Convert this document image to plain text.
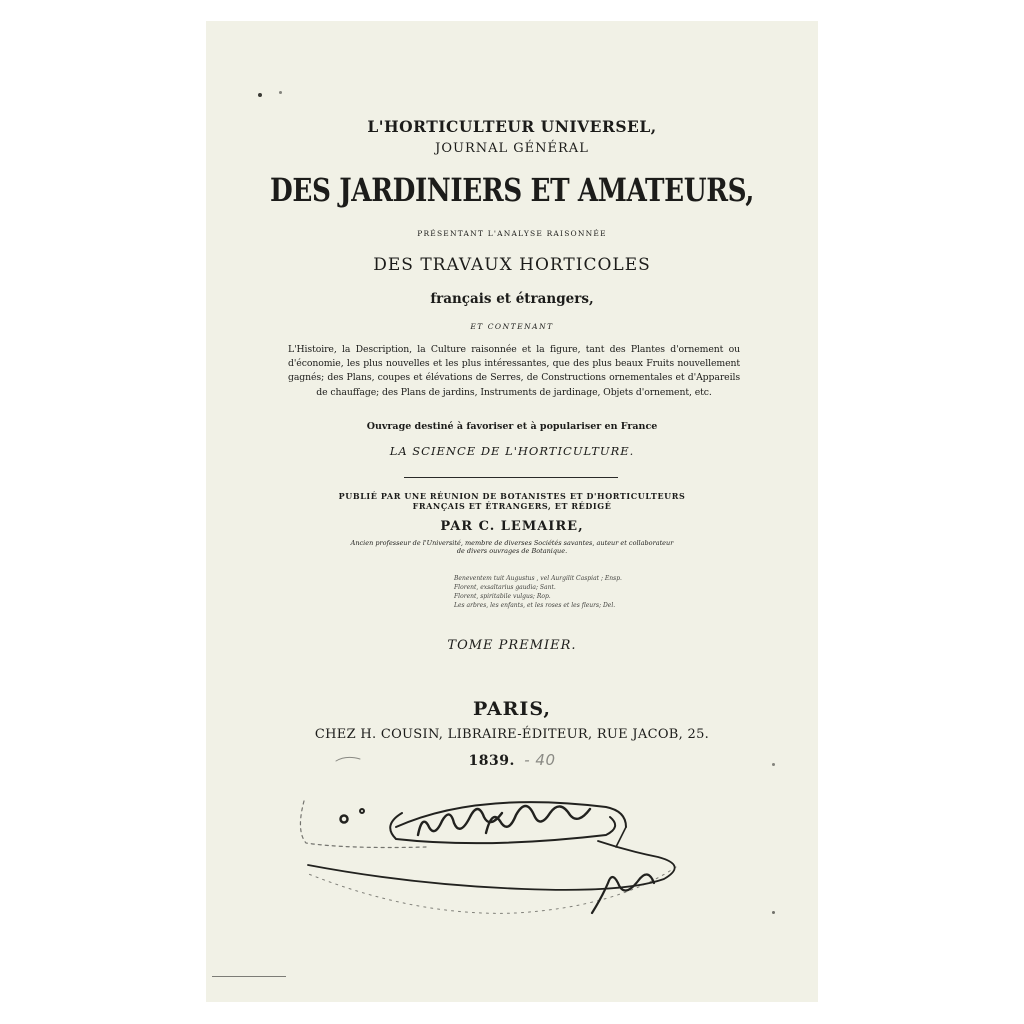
L'HORTICULTEUR UNIVERSEL,
JOURNAL GÉNÉRAL
DES JARDINIERS ET AMATEURS,
PRÉSENTANT L'ANALYSE RAISONNÉE
DES TRAVAUX HORTICOLES
français et étrangers,
ET CONTENANT
L'Histoire, la Description, la Culture raisonnée et la figure, tant des Plantes d'ornement ou d'économie, les plus nouvelles et les plus intéressantes, que des plus beaux Fruits nouvellement gagnés; des Plans, coupes et élévations de Serres, de Constructions ornementales et d'Appareils de chauffage; des Plans de jardins, Instruments de jardinage, Objets d'ornement, etc.
Ouvrage destiné à favoriser et à populariser en France
LA SCIENCE DE L'HORTICULTURE.
PUBLIÉ PAR UNE RÉUNION DE BOTANISTES ET D'HORTICULTEURS
FRANÇAIS ET ÉTRANGERS, ET RÉDIGÉ
PAR C. LEMAIRE,
Ancien professeur de l'Université, membre de diverses Sociétés savantes, auteur et collaborateur
de divers ouvrages de Botanique.
Beneventem tuit Augustus , vel Aurgilit Caspiat ; Ensp.
Florent, exsaltarius gaudia; Sant.
Florent, spiritabile vulgus; Rop.
Les arbres, les enfants, et les roses et les fleurs; Del.
TOME PREMIER.
PARIS,
CHEZ H. COUSIN, LIBRAIRE-ÉDITEUR, RUE JACOB, 25.
1839. - 40
